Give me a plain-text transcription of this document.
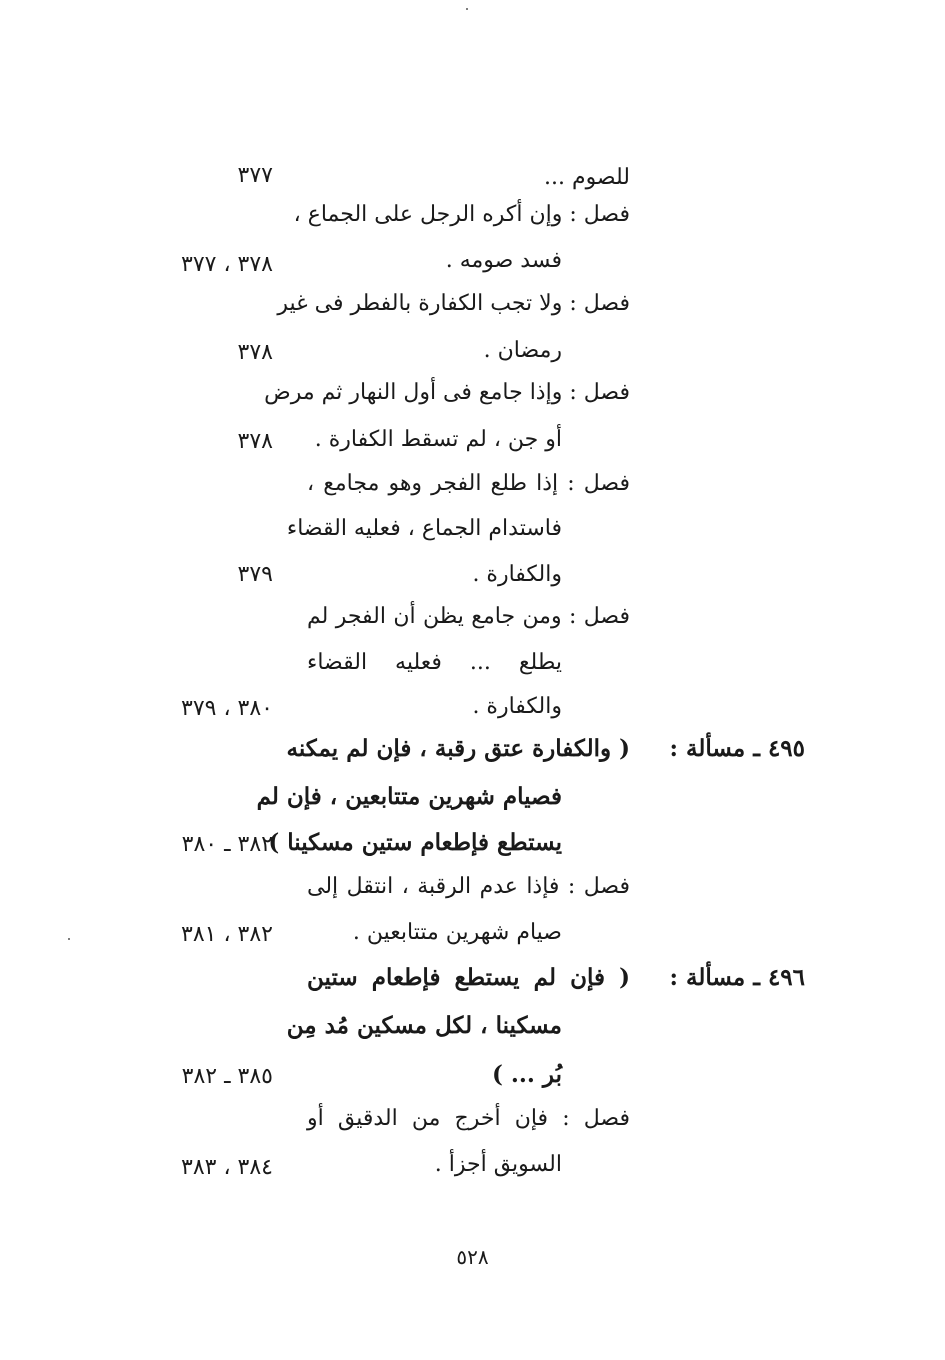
للصوم ...
٣٧٧
فصل : وإن أكره الرجل على الجماع ،
فسد صومه .
٣٧٨ ، ٣٧٧
فصل : ولا تجب الكفارة بالفطر فى غير
رمضان .
٣٧٨
فصل : وإذا جامع فى أول النهار ثم مرض
أو جن ، لم تسقط الكفارة .
٣٧٨
فصل : إذا طلع الفجر وهو مجامع ،
فاستدام الجماع ، فعليه القضاء
والكفارة .
٣٧٩
فصل : ومن جامع يظن أن الفجر لم
يطلع ... فعليه القضاء
والكفارة .
٣٨٠ ، ٣٧٩
٤٩٥ ـ مسألة :
( والكفارة عتق رقبة ، فإن لم يمكنه
فصيام شهرين متتابعين ، فإن لم
يستطع فإطعام ستين مسكينا )
٣٨٢ ـ ٣٨٠
فصل : فإذا عدم الرقبة ، انتقل إلى
صيام شهرين متتابعين .
٣٨٢ ، ٣٨١
٤٩٦ ـ مسألة :
( فإن لم يستطع فإطعام ستين
مسكينا ، لكل مسكين مُد مِن
بُر ... )
٣٨٥ ـ ٣٨٢
فصل : فإن أخرج من الدقيق أو
السويق أجزأ .
٣٨٤ ، ٣٨٣
٥٢٨
